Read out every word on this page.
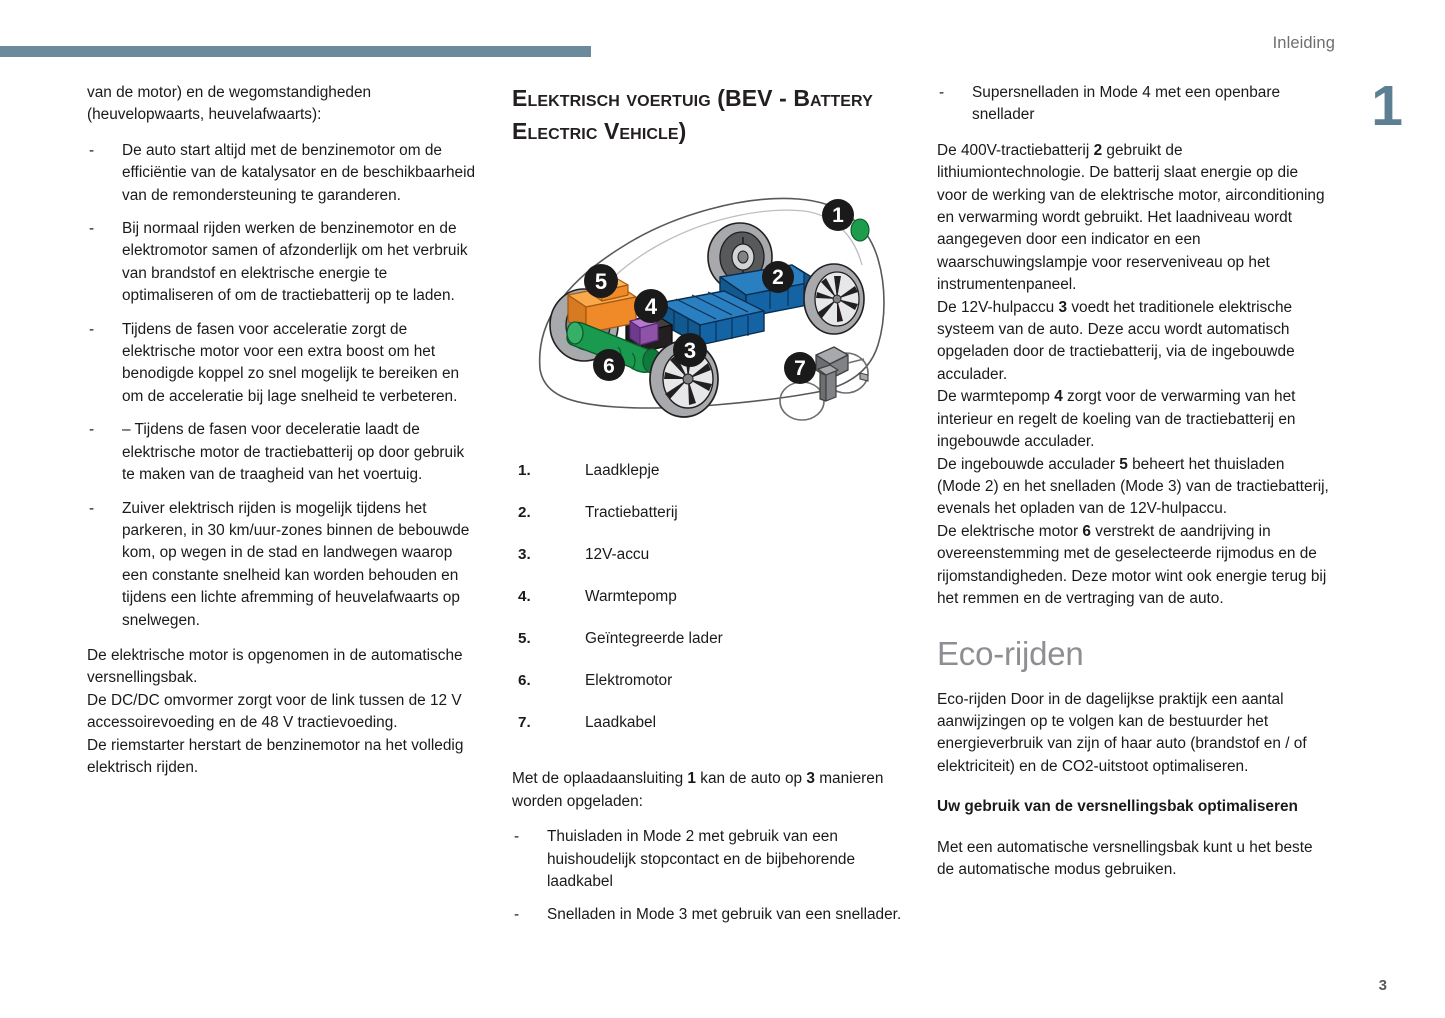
Inleiding
1
3

van de motor) en de wegomstandigheden (heuvelopwaarts, heuvelafwaarts):

- De auto start altijd met de benzinemotor om de efficiëntie van de katalysator en de beschikbaarheid van de remondersteuning te garanderen.
- Bij normaal rijden werken de benzinemotor en de elektromotor samen of afzonderlijk om het verbruik van brandstof en elektrische energie te optimaliseren of om de tractiebatterij op te laden.
- Tijdens de fasen voor acceleratie zorgt de elektrische motor voor een extra boost om het benodigde koppel zo snel mogelijk te bereiken en om de acceleratie bij lage snelheid te verbeteren.
- – Tijdens de fasen voor deceleratie laadt de elektrische motor de tractiebatterij op door gebruik te maken van de traagheid van het voertuig.
- Zuiver elektrisch rijden is mogelijk tijdens het parkeren, in 30 km/uur-zones binnen de bebouwde kom, op wegen in de stad en landwegen waarop een constante snelheid kan worden behouden en tijdens een lichte afremming of heuvelafwaarts op snelwegen.

De elektrische motor is opgenomen in de automatische versnellingsbak.

De DC/DC omvormer zorgt voor de link tussen de 12 V accessoirevoeding en de 48 V tractievoeding.

De riemstarter herstart de benzinemotor na het volledig elektrisch rijden.

Elektrisch voertuig (BEV - Battery Electric Vehicle)
1
2
3
4
5
6	7
1.	Laadklepje
2.	Tractiebatterij
3.	12V-accu
4.	Warmtepomp
5.	Geïntegreerde lader
6.	Elektromotor
7.	Laadkabel

Met de oplaadaansluiting 1 kan de auto op 3 manieren worden opgeladen:

- Thuisladen in Mode 2 met gebruik van een huishoudelijk stopcontact en de bijbehorende laadkabel
- Snelladen in Mode 3 met gebruik van een snellader.
- Supersnelladen in Mode 4 met een openbare snellader

De 400V-tractiebatterij 2 gebruikt de lithiumiontechnologie. De batterij slaat energie op die voor de werking van de elektrische motor, airconditioning en verwarming wordt gebruikt. Het laadniveau wordt aangegeven door een indicator en een waarschuwingslampje voor reserveniveau op het instrumentenpaneel.

De 12V-hulpaccu 3 voedt het traditionele elektrische systeem van de auto. Deze accu wordt automatisch opgeladen door de tractiebatterij, via de ingebouwde acculader.

De warmtepomp 4 zorgt voor de verwarming van het interieur en regelt de koeling van de tractiebatterij en ingebouwde acculader.

De ingebouwde acculader 5 beheert het thuisladen (Mode 2) en het snelladen (Mode 3) van de tractiebatterij, evenals het opladen van de 12V-hulpaccu.

De elektrische motor 6 verstrekt de aandrijving in overeenstemming met de geselecteerde rijmodus en de rijomstandigheden. Deze motor wint ook energie terug bij het remmen en de vertraging van de auto.

Eco-rijden

Eco-rijden Door in de dagelijkse praktijk een aantal aanwijzingen op te volgen kan de bestuurder het energieverbruik van zijn of haar auto (brandstof en / of elektriciteit) en de CO2-uitstoot optimaliseren.

Uw gebruik van de versnellingsbak optimaliseren

Met een automatische versnellingsbak kunt u het beste de automatische modus gebruiken.
